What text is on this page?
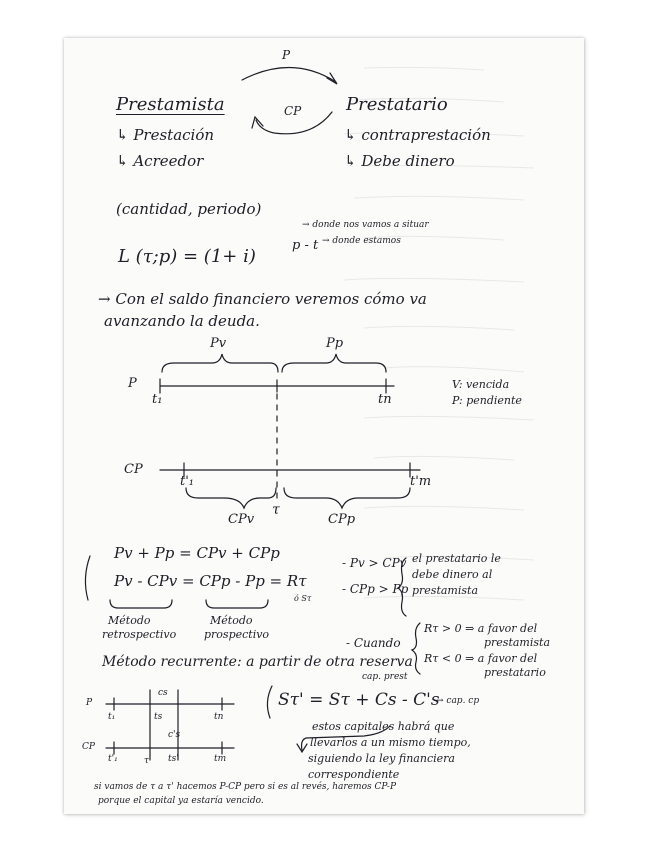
P
CP
Prestamista
↳ Prestación
↳ Acreedor
Prestatario
↳ contraprestación
↳ Debe dinero
(cantidad, periodo)
L (τ;p) = (1+ i)
p - t
→ donde nos vamos a situar
→ donde estamos
→ Con el saldo financiero veremos cómo va
avanzando la deuda.
P
Pv	Pp
t₁	tn
V: vencida
P: pendiente
CP
t'₁	t'm
τ
CPv	CPp
Pv + Pp = CPv + CPp
Pv - CPv = CPp - Pp = Rτ
ó Sτ
Método
retrospectivo
Método
prospectivo
- Pv > CPv
- CPp > Pp
el prestatario le
debe dinero al
prestamista
- Cuando
Rτ > 0 ⇒ a favor del
prestamista
Rτ < 0 ⇒ a favor del
prestatario
Método recurrente: a partir de otra reserva
cap. prest
P
CP
t₁	ts	tn
cs
c's
t'₁	τ ts'	tm
Sτ' = Sτ + Cs - C's
→ cap. cp
estos capitales habrá que
llevarlos a un mismo tiempo,
siguiendo la ley financiera
correspondiente
si vamos de τ a τ' hacemos P-CP pero si es al revés, haremos CP-P
porque el capital ya estaría vencido.
